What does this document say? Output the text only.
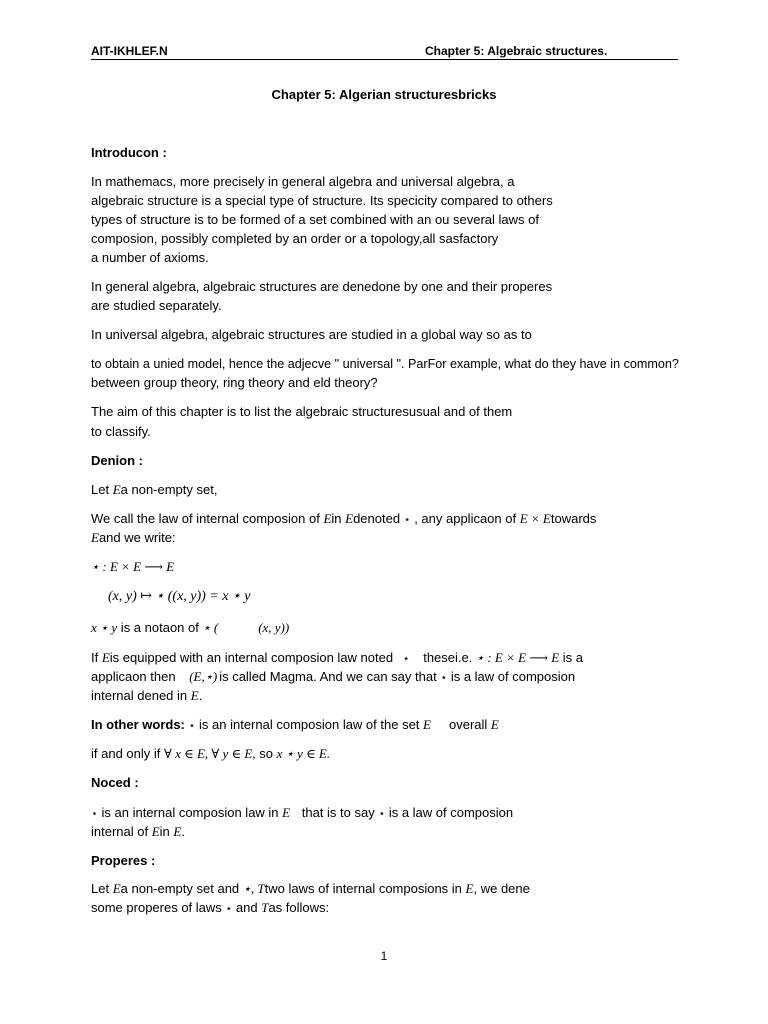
AIT-IKHLEF.N	Chapter 5: Algebraic structures.
Chapter 5: Algerian structuresbricks
Introducon :
In mathemacs, more precisely in general algebra and universal algebra, a
algebraic structure is a special type of structure. Its specicity compared to others
types of structure is to be formed of a set combined with an ou several laws of
composion, possibly completed by an order or a topology,all sasfactory
a number of axioms.
In general algebra, algebraic structures are denedone by one and their properes
are studied separately.
In universal algebra, algebraic structures are studied in a global way so as to
to obtain a unied model, hence the adjecve " universal ". ParFor example, what do they have in common?
between group theory, ring theory and eld theory?
The aim of this chapter is to list the algebraic structuresusual and of them
to classify.
Denion :
Let Ea non-empty set,
We call the law of internal composion of Ein Edenoted ⋆ , any applicaon of E × Etowards
Eand we write:
⋆ : E × E ⟶ E
(x, y) ↦ ⋆ ((x, y)) = x ⋆ y
x ⋆ y is a notaon of ⋆ (	(x, y))
If Eis equipped with an internal composion law noted ⋆ thesei.e. ⋆ : E × E ⟶ E is a
applicaon then (E,⋆) is called Magma. And we can say that ⋆ is a law of composion
internal dened in E.
In other words: ⋆ is an internal composion law of the set E overall E
if and only if ∀ x ∈ E, ∀ y ∈ E, so x ⋆ y ∈ E.
Noced :
⋆ is an internal composion law in E that is to say ⋆ is a law of composion
internal of Ein E.
Properes :
Let Ea non-empty set and ⋆, Ttwo laws of internal composions in E, we dene
some properes of laws ⋆ and Tas follows:
1
